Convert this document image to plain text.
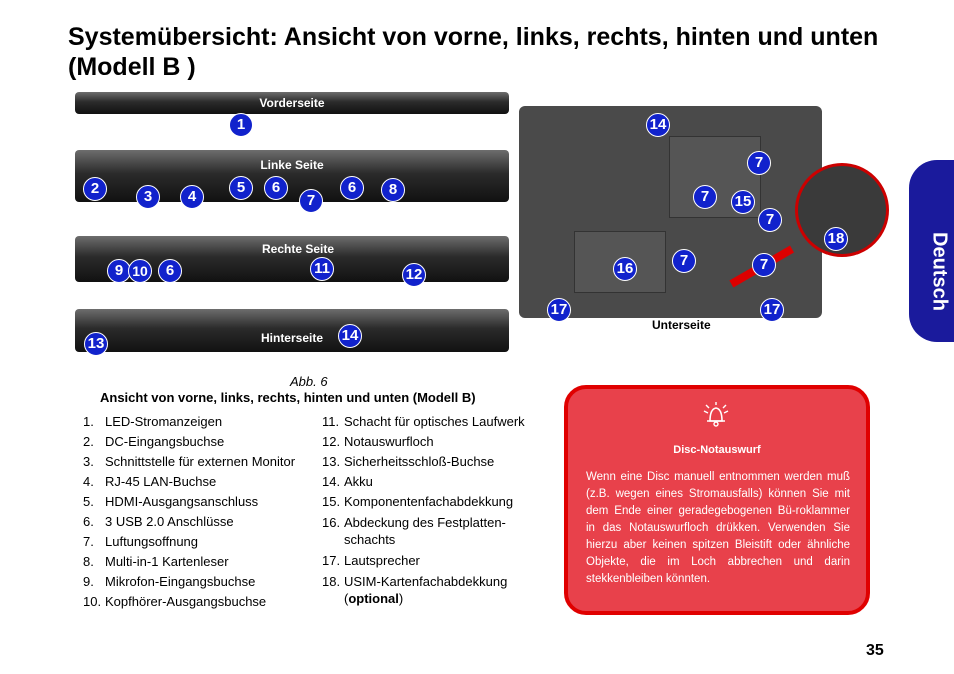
Systemübersicht: Ansicht von vorne, links, rechts, hinten und unten (Modell B )
Deutsch
Vorderseite
1
Linke Seite
2	3	4
5	6
7
6	8
Rechte Seite
9 10	6	11	12
Hinterseite
13	14
14
7
7	15
7
18
16	7	7
17	17
Unterseite
Abb. 6
Ansicht von vorne, links, rechts, hinten und unten (Modell B)
1. LED-Stromanzeigen
2. DC-Eingangsbuchse
3. Schnittstelle für externen Monitor
4. RJ-45 LAN-Buchse
5. HDMI-Ausgangsanschluss
6. 3 USB 2.0 Anschlüsse
7. Luftungsoffnung
8. Multi-in-1 Kartenleser
9. Mikrofon-Eingangsbuchse
10. Kopfhörer-Ausgangsbuchse
11. Schacht für optisches Laufwerk
12. Notauswurfloch
13. Sicherheitsschloß-Buchse
14. Akku
15. Komponentenfachabdekkung
16. Abdeckung des Festplatten-schachts
17. Lautsprecher
18. USIM-Kartenfachabdekkung
(optional)
Disc-Notauswurf
Wenn eine Disc manuell entnommen werden muß (z.B. wegen eines Stromausfalls) können Sie mit dem Ende einer geradegebogenen Bü-roklammer in das Notauswurfloch drükken. Verwenden Sie hierzu aber keinen spitzen Bleistift oder ähnliche Objekte, die im Loch abbrechen und darin stekkenbleiben könnten.
35
